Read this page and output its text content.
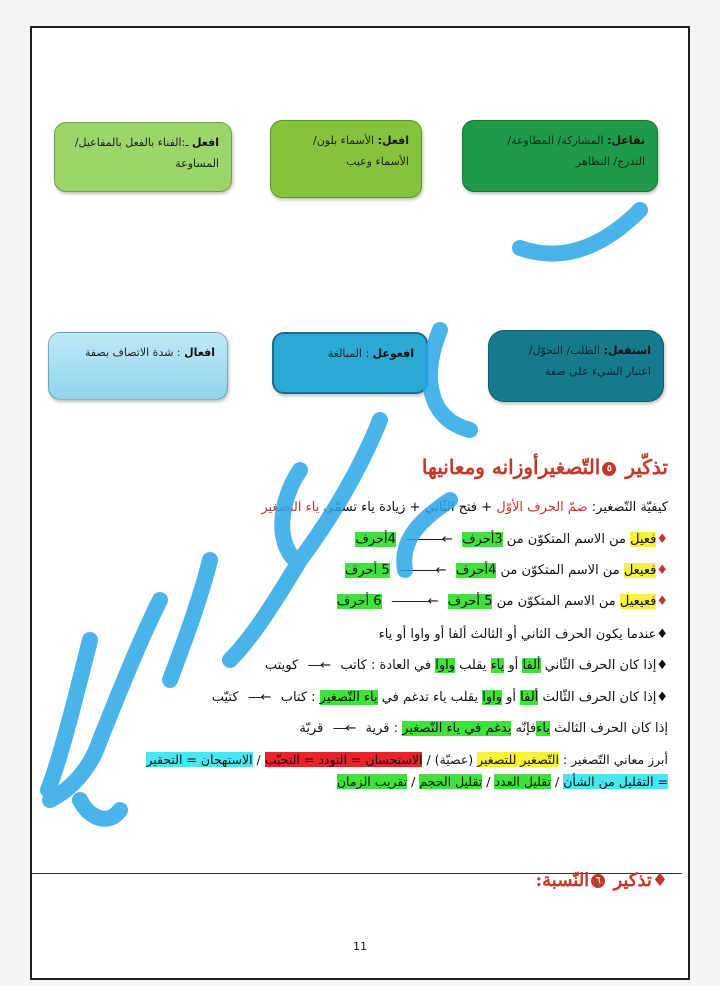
افعل ـ:الفناء بالفعل بالمفاعيل/ المساوعة
افعل: الأسماء بلون/ الأسماء وعيب
تفاعل: المشاركة/ المطاوعة/ التدرج/ التظاهر
افعال : شدة الاتصاف بصفة	افعوعل : المبالغة	استفعل: الطلب/ التحوّل/ اعتبار الشيء على صفة
تذكّير ٥التّصغيرأوزانه ومعانيها
كيفيّة التّصغير: ضمّ الحرف الأوّل + فتح الثّاني + زيادة ياء تسمّى ياء التصغير
♦فعيل من الاسم المتكوّن من 3أحرف ←――― 4أحرف
♦فعيعل من الاسم المتكوّن من 4أحرف ←――― 5 أحرف
♦فعيعيل من الاسم المتكوّن من 5 أحرف ←――― 6 أحرف
♦عندما يكون الحرف الثاني أو الثالث ألفا أو واوا أو ياء
♦إذا كان الحرف الثّاني ألفا أو ياء يقلب واوا في العادة : كاتب ←― كويتب
♦إذا كان الحرف الثّالث ألفا أو واوا يقلب ياء تدغم في ياء التّصغير : كتاب ←― كتيّب
إذا كان الحرف الثالث ياءفإنّه يدغم في ياء التّصغير : قرية ←― قريّة
أبرز معاني التّصغير : التّصغير للتصغير (عصيّة) / الاستحسان = التودد = التحبّب / الاستهجان = التحقير
= التقليل من الشأن / تقليل العدد / تقليل الحجم / تقريب الزمان
♦تذكير ٦النّسبة:
11
